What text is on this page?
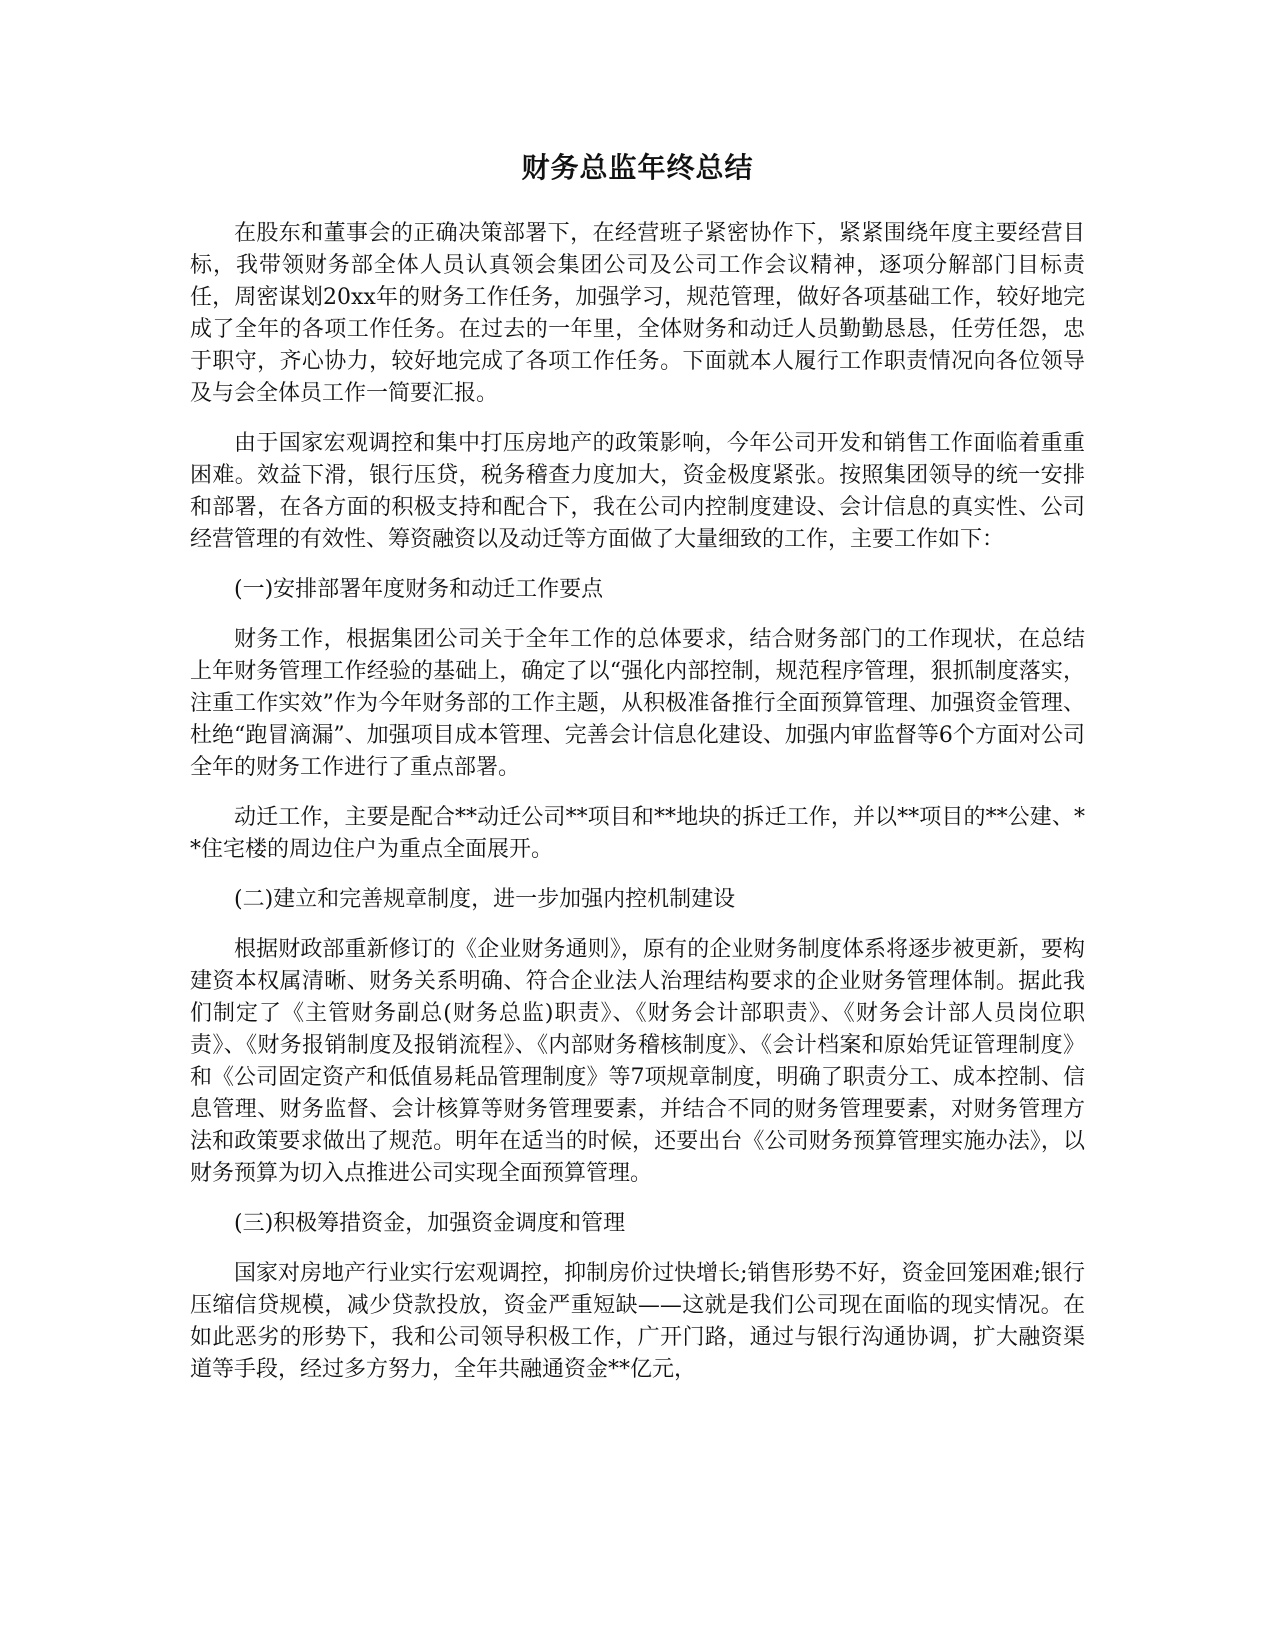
财务总监年终总结

在股东和董事会的正确决策部署下，在经营班子紧密协作下，紧紧围绕年度主要经营目标，我带领财务部全体人员认真领会集团公司及公司工作会议精神，逐项分解部门目标责任，周密谋划20xx年的财务工作任务，加强学习，规范管理，做好各项基础工作，较好地完成了全年的各项工作任务。在过去的一年里，全体财务和动迁人员勤勤恳恳，任劳任怨，忠于职守，齐心协力，较好地完成了各项工作任务。下面就本人履行工作职责情况向各位领导及与会全体员工作一简要汇报。

由于国家宏观调控和集中打压房地产的政策影响，今年公司开发和销售工作面临着重重困难。效益下滑，银行压贷，税务稽查力度加大，资金极度紧张。按照集团领导的统一安排和部署，在各方面的积极支持和配合下，我在公司内控制度建设、会计信息的真实性、公司经营管理的有效性、筹资融资以及动迁等方面做了大量细致的工作，主要工作如下：

(一)安排部署年度财务和动迁工作要点

财务工作，根据集团公司关于全年工作的总体要求，结合财务部门的工作现状，在总结上年财务管理工作经验的基础上，确定了以“强化内部控制，规范程序管理，狠抓制度落实，注重工作实效”作为今年财务部的工作主题，从积极准备推行全面预算管理、加强资金管理、杜绝“跑冒滴漏”、加强项目成本管理、完善会计信息化建设、加强内审监督等6个方面对公司全年的财务工作进行了重点部署。

动迁工作，主要是配合**动迁公司**项目和**地块的拆迁工作，并以**项目的**公建、**住宅楼的周边住户为重点全面展开。

(二)建立和完善规章制度，进一步加强内控机制建设

根据财政部重新修订的《企业财务通则》，原有的企业财务制度体系将逐步被更新，要构建资本权属清晰、财务关系明确、符合企业法人治理结构要求的企业财务管理体制。据此我们制定了《主管财务副总(财务总监)职责》、《财务会计部职责》、《财务会计部人员岗位职责》、《财务报销制度及报销流程》、《内部财务稽核制度》、《会计档案和原始凭证管理制度》和《公司固定资产和低值易耗品管理制度》等7项规章制度，明确了职责分工、成本控制、信息管理、财务监督、会计核算等财务管理要素，并结合不同的财务管理要素，对财务管理方法和政策要求做出了规范。明年在适当的时候，还要出台《公司财务预算管理实施办法》，以财务预算为切入点推进公司实现全面预算管理。

(三)积极筹措资金，加强资金调度和管理

国家对房地产行业实行宏观调控，抑制房价过快增长;销售形势不好，资金回笼困难;银行压缩信贷规模，减少贷款投放，资金严重短缺——这就是我们公司现在面临的现实情况。在如此恶劣的形势下，我和公司领导积极工作，广开门路，通过与银行沟通协调，扩大融资渠道等手段，经过多方努力，全年共融通资金**亿元，
